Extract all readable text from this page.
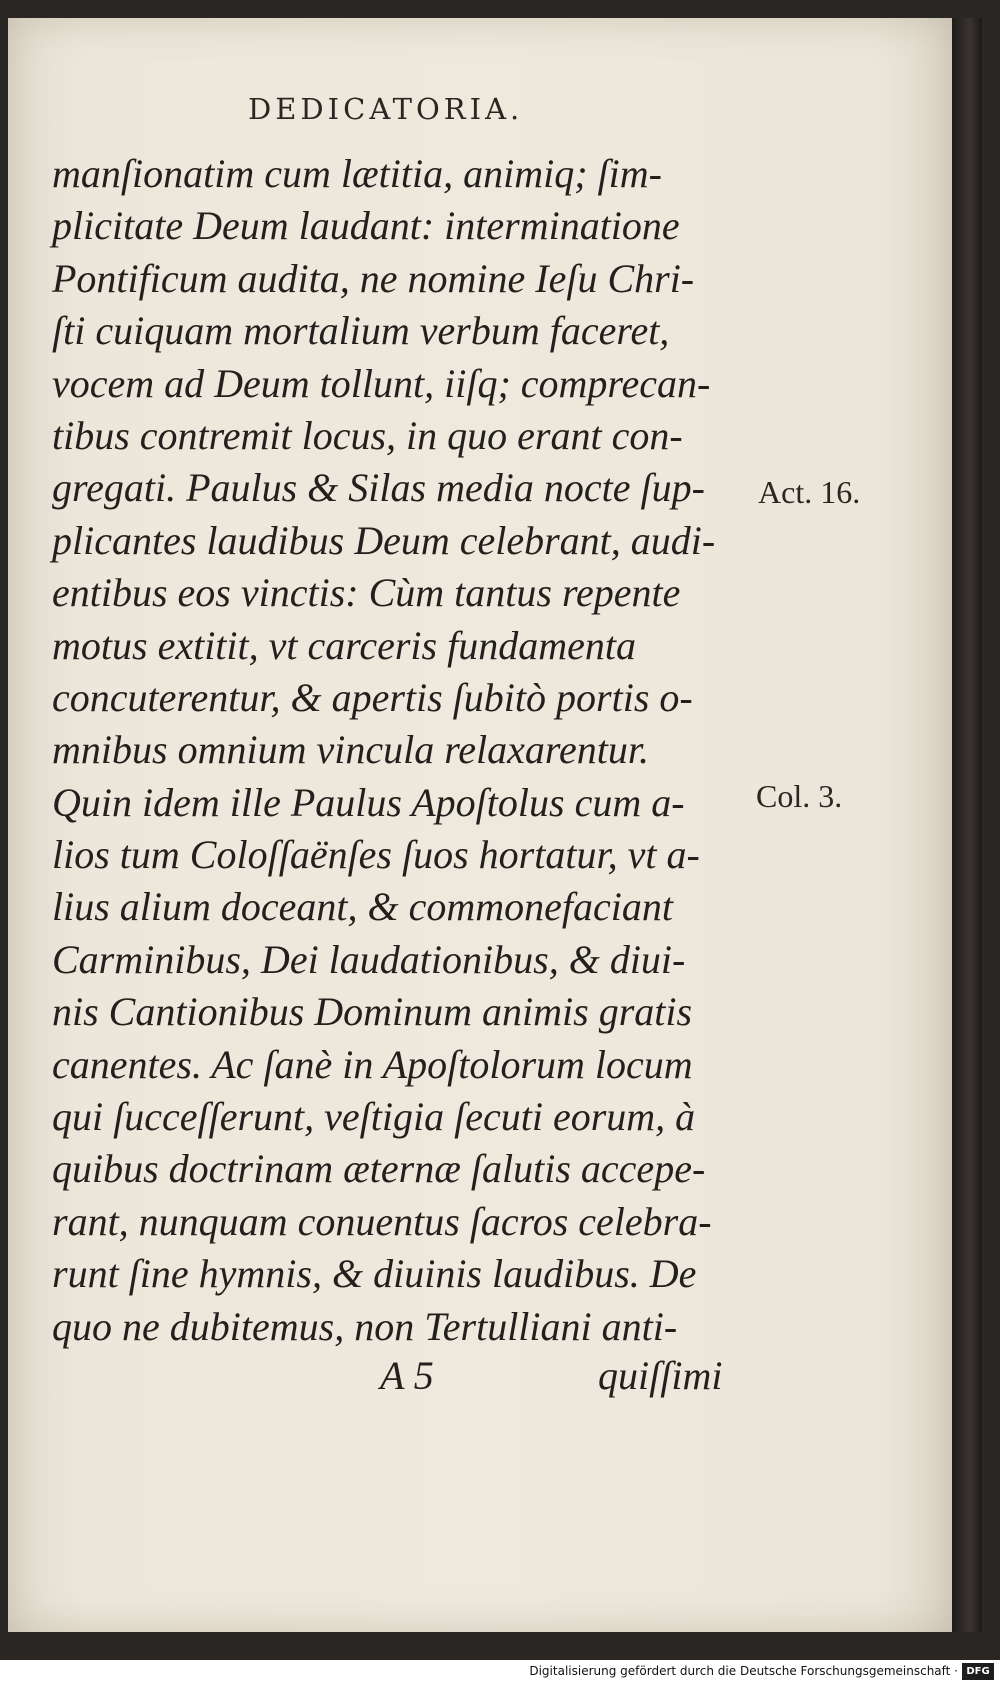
DEDICATORIA.
manſionatim cum lætitia, animiq; ſim-
plicitate Deum laudant: interminatione
Pontificum audita, ne nomine Ieſu Chri-
ſti cuiquam mortalium verbum faceret,
vocem ad Deum tollunt, iiſq; comprecan-
tibus contremit locus, in quo erant con-
gregati. Paulus & Silas media nocte ſup-
plicantes laudibus Deum celebrant, audi-
entibus eos vinctis: Cùm tantus repente
motus extitit, vt carceris fundamenta
concuterentur, & apertis ſubitò portis o-
mnibus omnium vincula relaxarentur.
Quin idem ille Paulus Apoſtolus cum a-
lios tum Coloſſaënſes ſuos hortatur, vt a-
lius alium doceant, & commonefaciant
Carminibus, Dei laudationibus, & diui-
nis Cantionibus Dominum animis gratis
canentes. Ac ſanè in Apoſtolorum locum
qui ſucceſſerunt, veſtigia ſecuti eorum, à
quibus doctrinam æternæ ſalutis accepe-
rant, nunquam conuentus ſacros celebra-
runt ſine hymnis, & diuinis laudibus. De
quo ne dubitemus, non Tertulliani anti-
Act. 16.
Col. 3.
A 5	quiſſimi
Digitalisierung gefördert durch die Deutsche Forschungsgemeinschaft · DFG
